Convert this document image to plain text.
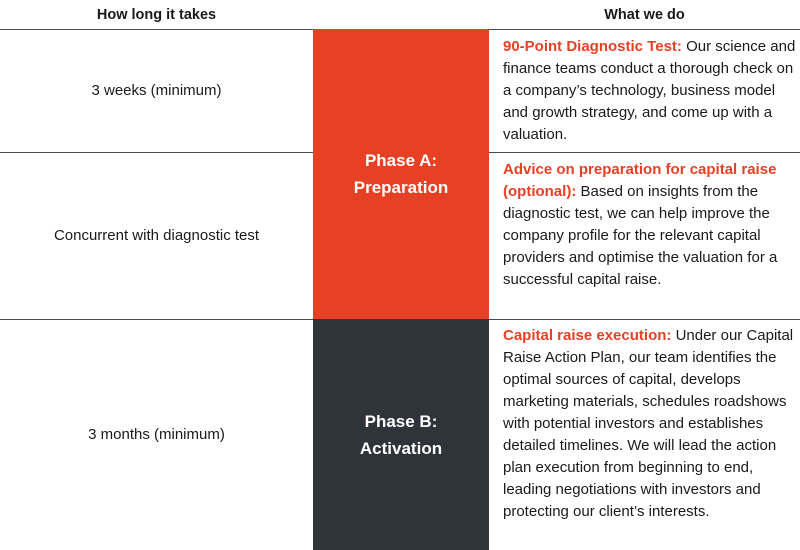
How long it takes	What we do
3 weeks (minimum)
Concurrent with diagnostic test
3 months (minimum)
Phase A:
Preparation
Phase B:
Activation
90-Point Diagnostic Test: Our science and finance teams conduct a thorough check on a company’s technology, business model and growth strategy, and come up with a valuation.
Advice on preparation for capital raise (optional): Based on insights from the diagnostic test, we can help improve the company profile for the relevant capital providers and optimise the valuation for a successful capital raise.
Capital raise execution: Under our Capital Raise Action Plan, our team identifies the optimal sources of capital, develops marketing materials, schedules roadshows with potential investors and establishes detailed timelines. We will lead the action plan execution from beginning to end, leading negotiations with investors and protecting our client’s interests.
